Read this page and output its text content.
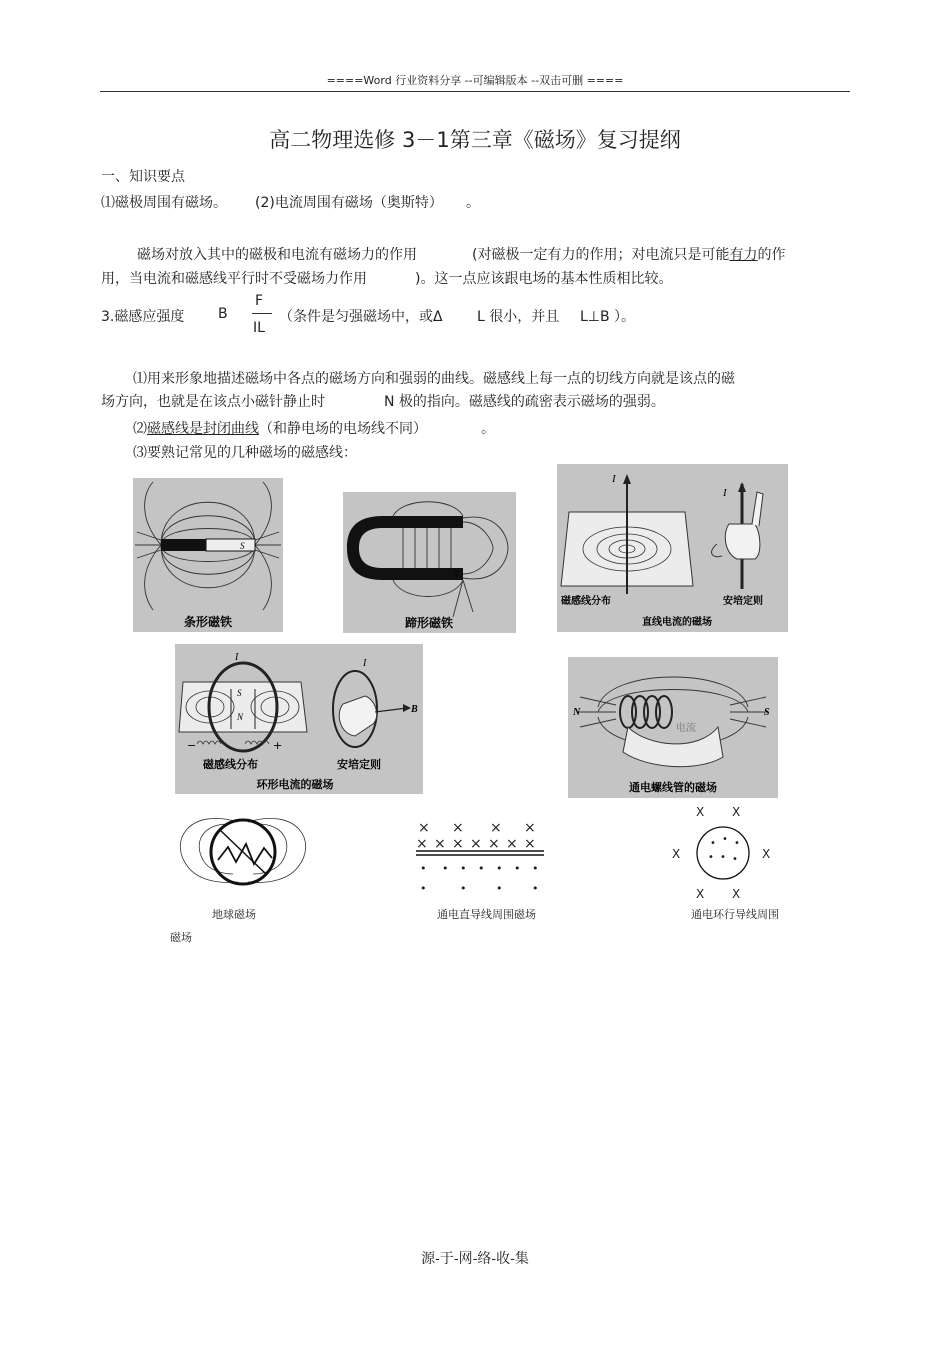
====Word 行业资料分享 --可编辑版本 --双击可删 ====
高二物理选修 3－1第三章《磁场》复习提纲
一、知识要点
⑴磁极周围有磁场。 (2)电流周围有磁场（奥斯特） 。
磁场对放入其中的磁极和电流有磁场力的作用	(对磁极一定有力的作用；对电流只是可能有力的作
用，当电流和磁感线平行时不受磁场力作用	)。这一点应该跟电场的基本性质相比较。
3.磁感应强度 B
F
IL
（条件是匀强磁场中，或Δ L 很小，并且 L⊥B ）。
⑴用来形象地描述磁场中各点的磁场方向和强弱的曲线。磁感线上每一点的切线方向就是该点的磁
场方向，也就是在该点小磁针静止时	N 极的指向。磁感线的疏密表示磁场的强弱。
⑵磁感线是封闭曲线（和静电场的电场线不同）	。
⑶要熟记常见的几种磁场的磁感线：
S
条形磁铁
S
蹄形磁铁
I
I
磁感线分布	安培定则
直线电流的磁场
I
S
N
−	+
B
I
磁感线分布	安培定则
环形电流的磁场
N	S
电流
通电螺线管的磁场
× × × ×
× × × × × × ×
• • • • • • •
•	•	•	•
X X
X	X
X X
• • •
• • •
地球磁场	通电直导线周围磁场	通电环行导线周围
磁场
源-于-网-络-收-集
